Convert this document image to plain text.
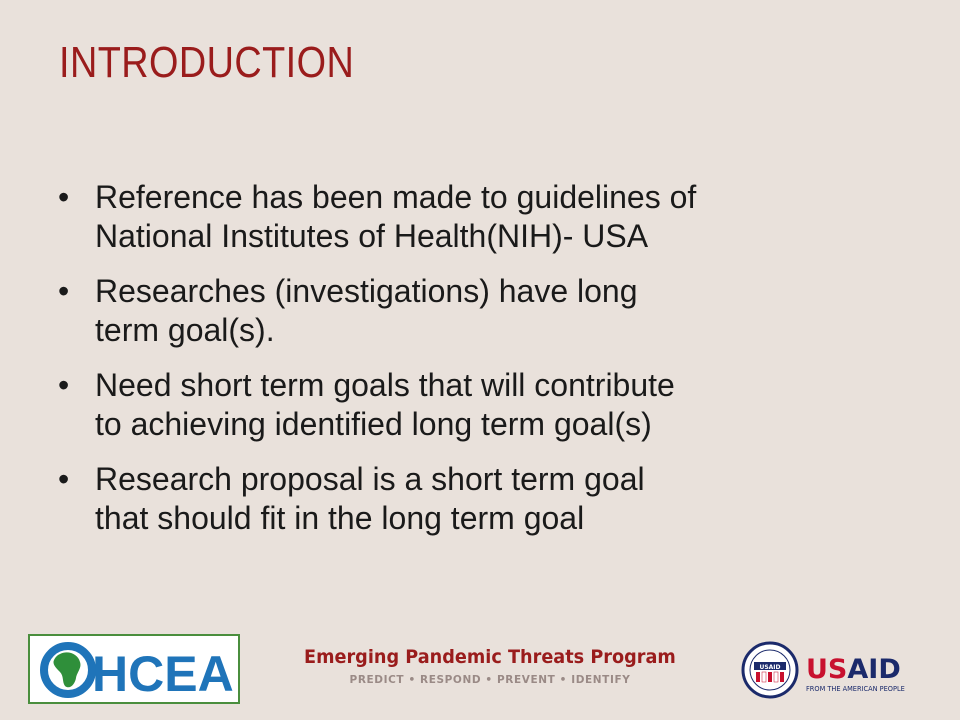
INTRODUCTION
• Reference has been made to guidelines of
National Institutes of Health(NIH)- USA
• Researches (investigations) have long
term goal(s).
• Need short term goals that will contribute
to achieving identified long term goal(s)
• Research proposal is a short term goal
that should fit in the long term goal
HCEA	Emerging Pandemic Threats Program
PREDICT • RESPOND • PREVENT • IDENTIFY
USAID USAID
FROM THE AMERICAN PEOPLE
